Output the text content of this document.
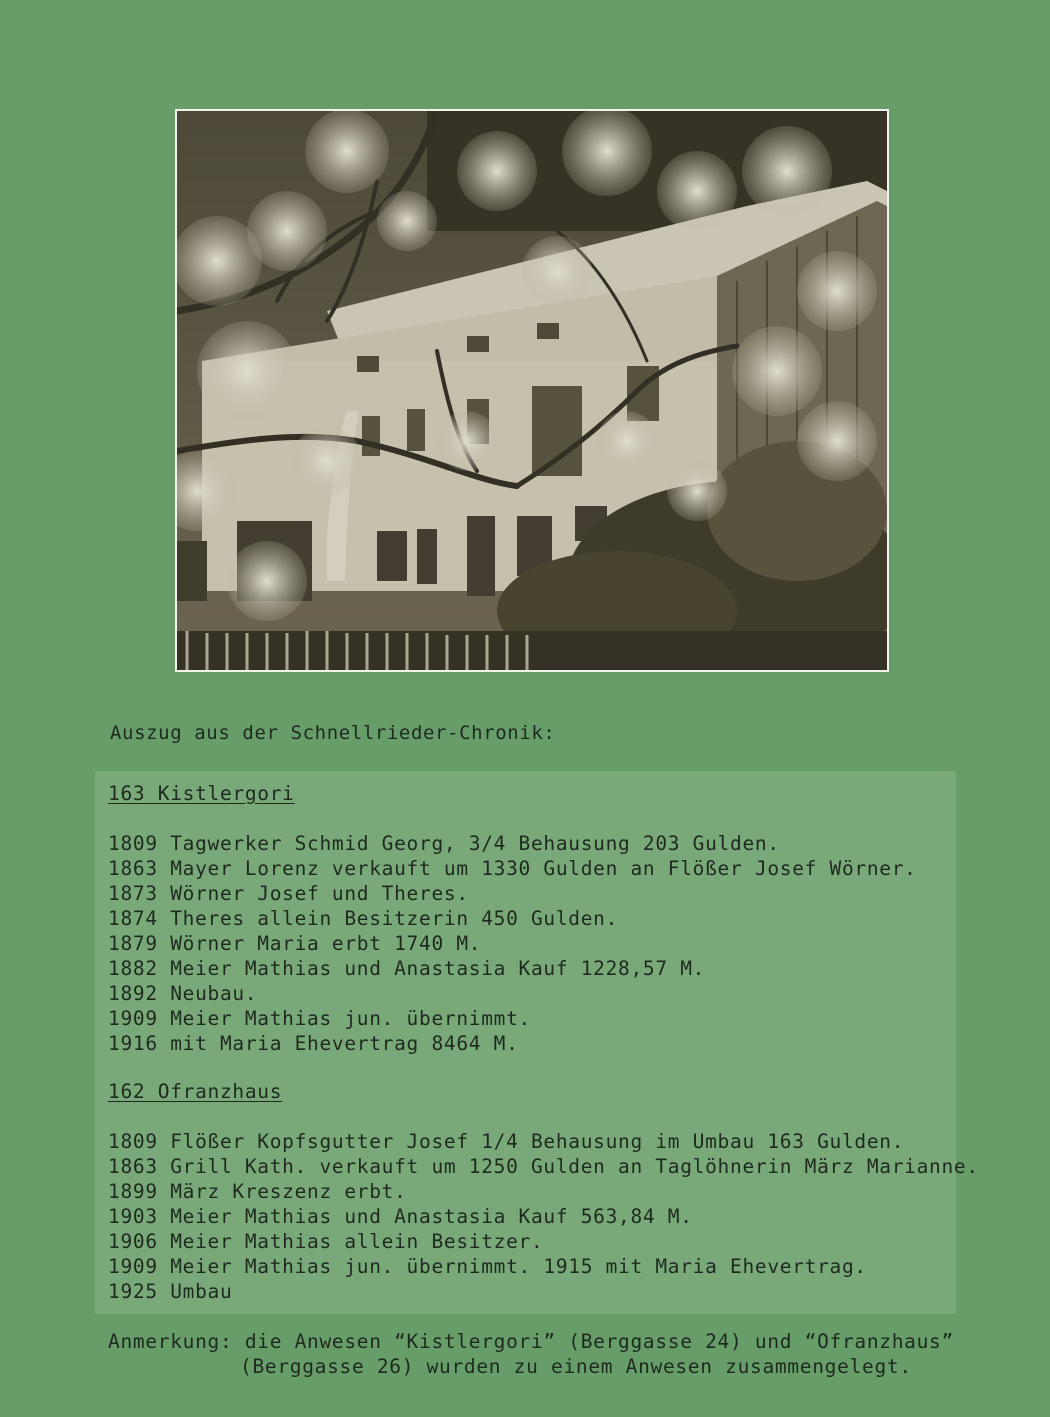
Auszug aus der Schnellrieder-Chronik:
163 Kistlergori
1809 Tagwerker Schmid Georg, 3/4 Behausung 203 Gulden.
1863 Mayer Lorenz verkauft um 1330 Gulden an Flößer Josef Wörner.
1873 Wörner Josef und Theres.
1874 Theres allein Besitzerin 450 Gulden.
1879 Wörner Maria erbt 1740 M.
1882 Meier Mathias und Anastasia Kauf 1228,57 M.
1892 Neubau.
1909 Meier Mathias jun. übernimmt.
1916 mit Maria Ehevertrag 8464 M.
162 Ofranzhaus
1809 Flößer Kopfsgutter Josef 1/4 Behausung im Umbau 163 Gulden.
1863 Grill Kath. verkauft um 1250 Gulden an Taglöhnerin März Marianne.
1899 März Kreszenz erbt.
1903 Meier Mathias und Anastasia Kauf 563,84 M.
1906 Meier Mathias allein Besitzer.
1909 Meier Mathias jun. übernimmt. 1915 mit Maria Ehevertrag.
1925 Umbau
Anmerkung: die Anwesen “Kistlergori” (Berggasse 24) und “Ofranzhaus”
(Berggasse 26) wurden zu einem Anwesen zusammengelegt.
